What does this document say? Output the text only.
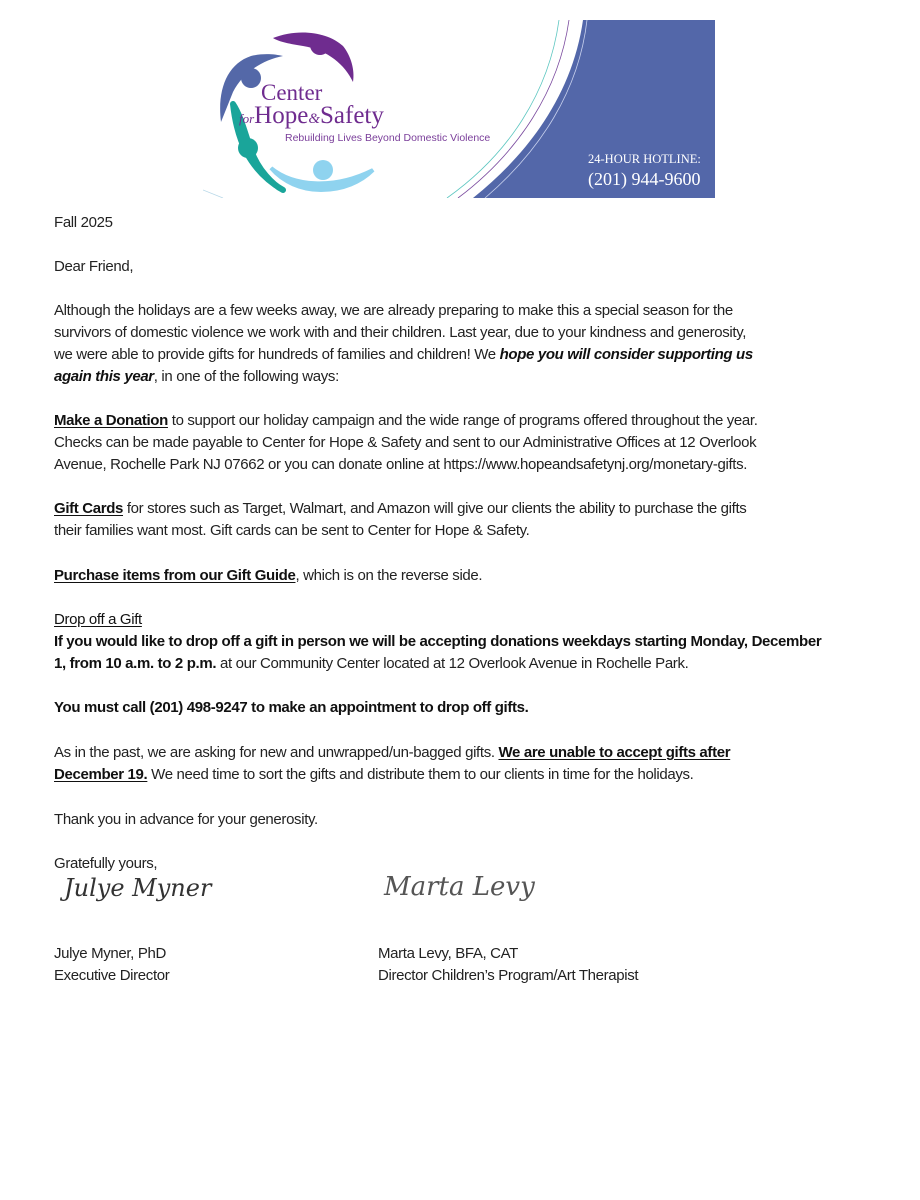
Center
forHope&Safety
Rebuilding Lives Beyond Domestic Violence
24-HOUR HOTLINE:
(201) 944-9600
Fall 2025
Dear Friend,
Although the holidays are a few weeks away, we are already preparing to make this a special season for the
survivors of domestic violence we work with and their children. Last year, due to your kindness and generosity,
we were able to provide gifts for hundreds of families and children! We hope you will consider supporting us
again this year, in one of the following ways:
Make a Donation to support our holiday campaign and the wide range of programs offered throughout the year.
Checks can be made payable to Center for Hope & Safety and sent to our Administrative Offices at 12 Overlook
Avenue, Rochelle Park NJ 07662 or you can donate online at https://www.hopeandsafetynj.org/monetary-gifts.
Gift Cards for stores such as Target, Walmart, and Amazon will give our clients the ability to purchase the gifts
their families want most. Gift cards can be sent to Center for Hope & Safety.
Purchase items from our Gift Guide, which is on the reverse side.
Drop off a Gift
If you would like to drop off a gift in person we will be accepting donations weekdays starting Monday, December
1, from 10 a.m. to 2 p.m. at our Community Center located at 12 Overlook Avenue in Rochelle Park.
You must call (201) 498-9247 to make an appointment to drop off gifts.
As in the past, we are asking for new and unwrapped/un-bagged gifts. We are unable to accept gifts after
December 19. We need time to sort the gifts and distribute them to our clients in time for the holidays.
Thank you in advance for your generosity.
Gratefully yours,
Julye Myner	Marta Levy
Julye Myner, PhD
Executive Director
Marta Levy, BFA, CAT
Director Children’s Program/Art Therapist
